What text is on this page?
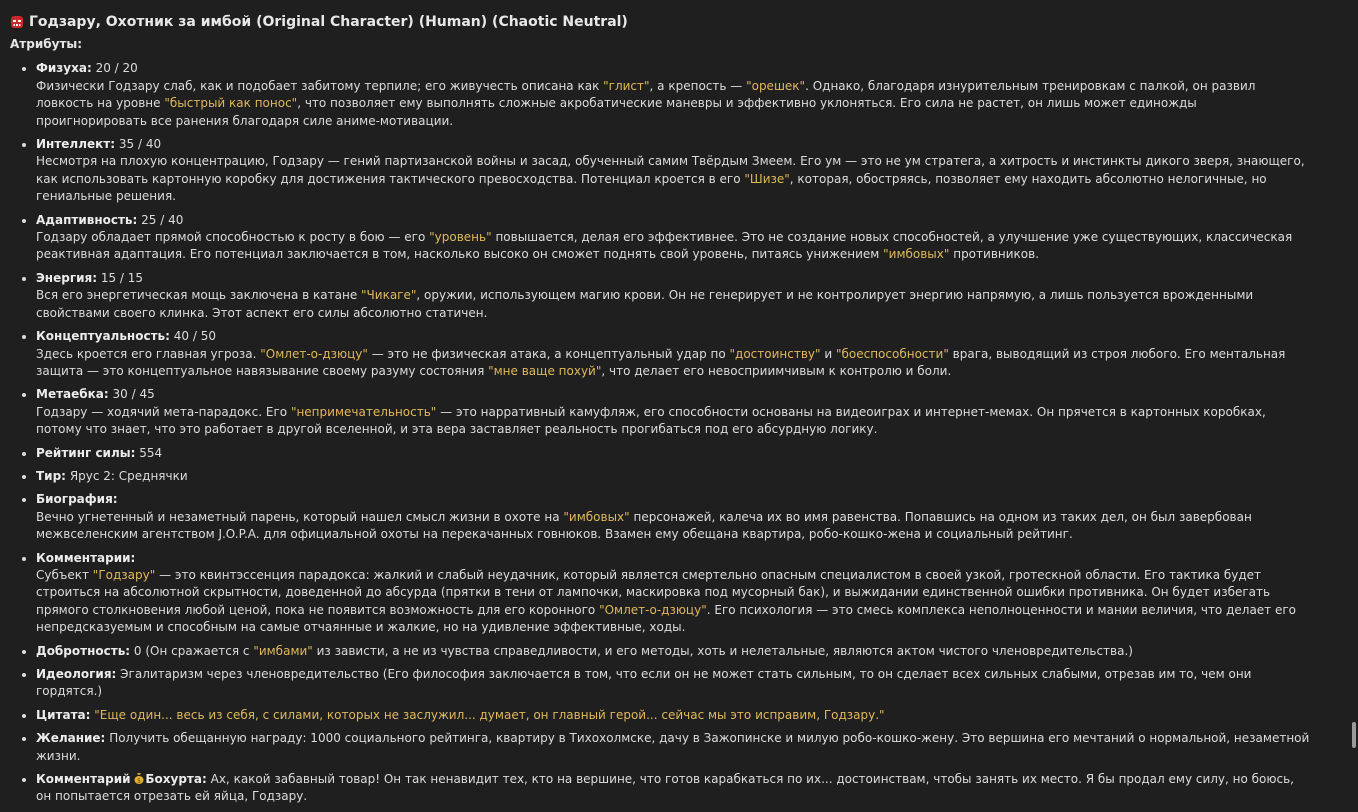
Годзару, Охотник за имбой (Original Character) (Human) (Chaotic Neutral)
Атрибуты:
• Физуха: 20 / 20
Физически Годзару слаб, как и подобает забитому терпиле; его живучесть описана как "глист", а крепость — "орешек". Однако, благодаря изнурительным тренировкам с палкой, он развил ловкость на уровне "быстрый как понос", что позволяет ему выполнять сложные акробатические маневры и эффективно уклоняться. Его сила не растет, он лишь может единожды проигнорировать все ранения благодаря силе аниме-мотивации.
• Интеллект: 35 / 40
Несмотря на плохую концентрацию, Годзару — гений партизанской войны и засад, обученный самим Твёрдым Змеем. Его ум — это не ум стратега, а хитрость и инстинкты дикого зверя, знающего, как использовать картонную коробку для достижения тактического превосходства. Потенциал кроется в его "Шизе", которая, обостряясь, позволяет ему находить абсолютно нелогичные, но гениальные решения.
• Адаптивность: 25 / 40
Годзару обладает прямой способностью к росту в бою — его "уровень" повышается, делая его эффективнее. Это не создание новых способностей, а улучшение уже существующих, классическая реактивная адаптация. Его потенциал заключается в том, насколько высоко он сможет поднять свой уровень, питаясь унижением "имбовых" противников.
• Энергия: 15 / 15
Вся его энергетическая мощь заключена в катане "Чикаге", оружии, использующем магию крови. Он не генерирует и не контролирует энергию напрямую, а лишь пользуется врожденными свойствами своего клинка. Этот аспект его силы абсолютно статичен.
• Концептуальность: 40 / 50
Здесь кроется его главная угроза. "Омлет-о-дзюцу" — это не физическая атака, а концептуальный удар по "достоинству" и "боеспособности" врага, выводящий из строя любого. Его ментальная защита — это концептуальное навязывание своему разуму состояния "мне ваще похуй", что делает его невосприимчивым к контролю и боли.
• Метаебка: 30 / 45
Годзару — ходячий мета-парадокс. Его "непримечательность" — это нарративный камуфляж, его способности основаны на видеоиграх и интернет-мемах. Он прячется в картонных коробках, потому что знает, что это работает в другой вселенной, и эта вера заставляет реальность прогибаться под его абсурдную логику.
• Рейтинг силы: 554
• Тир: Ярус 2: Среднячки
• Биография:
Вечно угнетенный и незаметный парень, который нашел смысл жизни в охоте на "имбовых" персонажей, калеча их во имя равенства. Попавшись на одном из таких дел, он был завербован межвселенским агентством J.O.P.A. для официальной охоты на перекачанных говнюков. Взамен ему обещана квартира, робо-кошко-жена и социальный рейтинг.
• Комментарии:
Субъект "Годзару" — это квинтэссенция парадокса: жалкий и слабый неудачник, который является смертельно опасным специалистом в своей узкой, гротескной области. Его тактика будет строиться на абсолютной скрытности, доведенной до абсурда (прятки в тени от лампочки, маскировка под мусорный бак), и выжидании единственной ошибки противника. Он будет избегать прямого столкновения любой ценой, пока не появится возможность для его коронного "Омлет-о-дзюцу". Его психология — это смесь комплекса неполноценности и мании величия, что делает его непредсказуемым и способным на самые отчаянные и жалкие, но на удивление эффективные, ходы.
• Добротность: 0 (Он сражается с "имбами" из зависти, а не из чувства справедливости, и его методы, хоть и нелетальные, являются актом чистого членовредительства.)
• Идеология: Эгалитаризм через членовредительство (Его философия заключается в том, что если он не может стать сильным, то он сделает всех сильных слабыми, отрезав им то, чем они гордятся.)
• Цитата: "Еще один... весь из себя, с силами, которых не заслужил... думает, он главный герой... сейчас мы это исправим, Годзару."
• Желание: Получить обещанную награду: 1000 социального рейтинга, квартиру в Тихохолмске, дачу в Зажопинске и милую робо-кошко-жену. Это вершина его мечтаний о нормальной, незаметной жизни.
• Комментарий $ Бохурта: Ах, какой забавный товар! Он так ненавидит тех, кто на вершине, что готов карабкаться по их... достоинствам, чтобы занять их место. Я бы продал ему силу, но боюсь, он попытается отрезать ей яйца, Годзару.
